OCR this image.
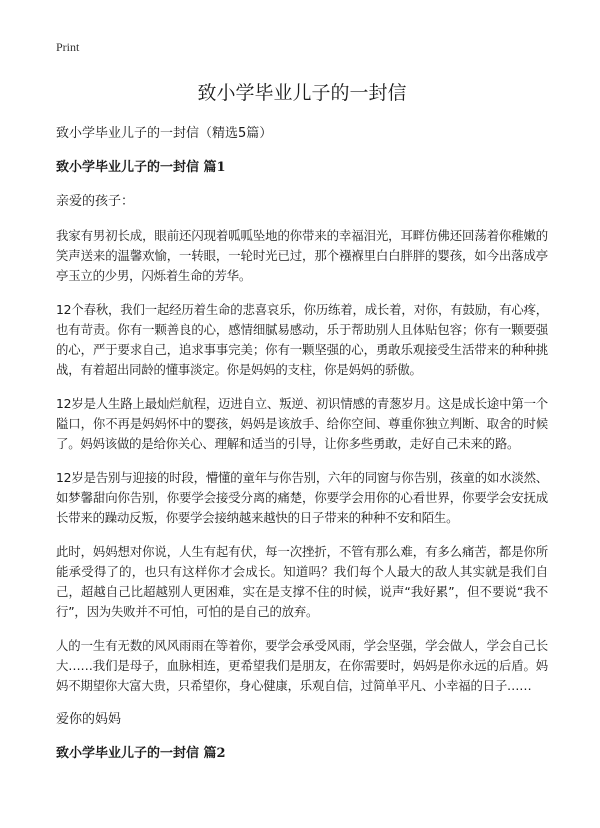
Print
致小学毕业儿子的一封信

致小学毕业儿子的一封信（精选5篇）

致小学毕业儿子的一封信 篇1

亲爱的孩子：

我家有男初长成，眼前还闪现着呱呱坠地的你带来的幸福泪光，耳畔仿佛还回荡着你稚嫩的笑声送来的温馨欢愉，一转眼，一轮时光已过，那个襁褓里白白胖胖的婴孩，如今出落成亭亭玉立的少男，闪烁着生命的芳华。

12个春秋，我们一起经历着生命的悲喜哀乐，你历练着，成长着，对你，有鼓励，有心疼，也有苛责。你有一颗善良的心，感情细腻易感动，乐于帮助别人且体贴包容；你有一颗要强的心，严于要求自己，追求事事完美；你有一颗坚强的心，勇敢乐观接受生活带来的种种挑战，有着超出同龄的懂事淡定。你是妈妈的支柱，你是妈妈的骄傲。

12岁是人生路上最灿烂航程，迈进自立、叛逆、初识情感的青葱岁月。这是成长途中第一个隘口，你不再是妈妈怀中的婴孩，妈妈是该放手、给你空间、尊重你独立判断、取舍的时候了。妈妈该做的是给你关心、理解和适当的引导，让你多些勇敢，走好自己未来的路。

12岁是告别与迎接的时段，懵懂的童年与你告别，六年的同窗与你告别，孩童的如水淡然、如梦馨甜向你告别，你要学会接受分离的痛楚，你要学会用你的心看世界，你要学会安抚成长带来的躁动反叛，你要学会接纳越来越快的日子带来的种种不安和陌生。

此时，妈妈想对你说，人生有起有伏，每一次挫折，不管有那么难，有多么痛苦，都是你所能承受得了的，也只有这样你才会成长。知道吗？我们每个人最大的敌人其实就是我们自己，超越自己比超越别人更困难，实在是支撑不住的时候，说声“我好累”，但不要说“我不行”，因为失败并不可怕，可怕的是自己的放弃。

人的一生有无数的风风雨雨在等着你，要学会承受风雨，学会坚强，学会做人，学会自己长大……我们是母子，血脉相连，更希望我们是朋友，在你需要时，妈妈是你永远的后盾。妈妈不期望你大富大贵，只希望你，身心健康，乐观自信，过简单平凡、小幸福的日子……

爱你的妈妈

致小学毕业儿子的一封信 篇2
